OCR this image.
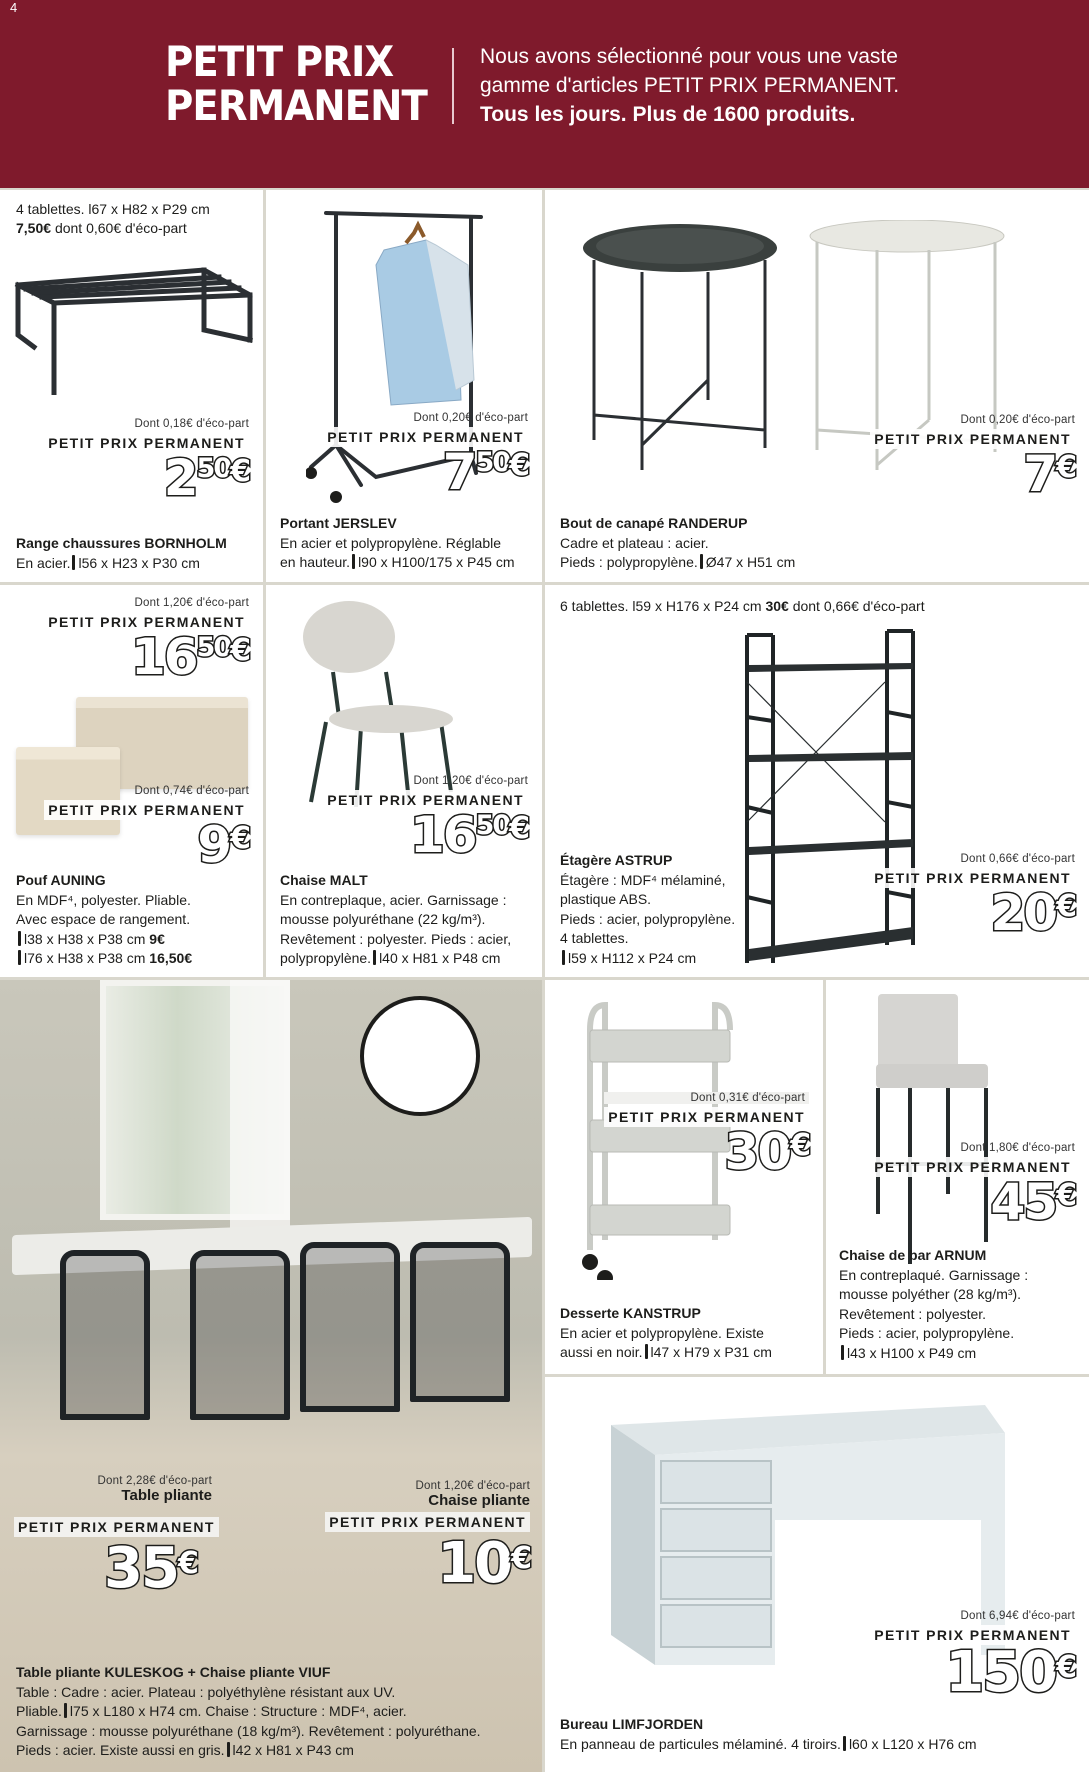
4
PETIT PRIX
PERMANENT
Nous avons sélectionné pour vous une vaste
gamme d'articles PETIT PRIX PERMANENT.
Tous les jours. Plus de 1600 produits.
4 tablettes. l67 x H82 x P29 cm
7,50€ dont 0,60€ d'éco-part
Dont 0,18€ d'éco-part
PETIT PRIX PERMANENT
250€
Range chaussures BORNHOLM
En acier. l56 x H23 x P30 cm
Dont 0,20€ d'éco-part
PETIT PRIX PERMANENT
750€
Portant JERSLEV
En acier et polypropylène. Réglable
en hauteur. l90 x H100/175 x P45 cm
Dont 0,20€ d'éco-part
PETIT PRIX PERMANENT
7€
Bout de canapé RANDERUP
Cadre et plateau : acier.
Pieds : polypropylène. Ø47 x H51 cm
Dont 1,20€ d'éco-part
PETIT PRIX PERMANENT
1650€
Dont 0,74€ d'éco-part
PETIT PRIX PERMANENT
9€
Pouf AUNING
En MDF⁴, polyester. Pliable.
Avec espace de rangement.
l38 x H38 x P38 cm 9€
l76 x H38 x P38 cm 16,50€
Dont 1,20€ d'éco-part
PETIT PRIX PERMANENT
1650€
Chaise MALT
En contreplaque, acier. Garnissage :
mousse polyuréthane (22 kg/m³).
Revêtement : polyester. Pieds : acier,
polypropylène. l40 x H81 x P48 cm
6 tablettes. l59 x H176 x P24 cm 30€ dont 0,66€ d'éco-part
Étagère ASTRUP
Étagère : MDF⁴ mélaminé,
plastique ABS.
Pieds : acier, polypropylène.
4 tablettes.
l59 x H112 x P24 cm
Dont 0,66€ d'éco-part
PETIT PRIX PERMANENT
20€
Dont 2,28€ d'éco-part
Table pliante
PETIT PRIX PERMANENT
35€
Dont 1,20€ d'éco-part
Chaise pliante
PETIT PRIX PERMANENT
10€
Table pliante KULESKOG + Chaise pliante VIUF
Table : Cadre : acier. Plateau : polyéthylène résistant aux UV.
Pliable. l75 x L180 x H74 cm. Chaise : Structure : MDF⁴, acier.
Garnissage : mousse polyuréthane (18 kg/m³). Revêtement : polyuréthane.
Pieds : acier. Existe aussi en gris. l42 x H81 x P43 cm
Dont 0,31€ d'éco-part
PETIT PRIX PERMANENT
30€
Desserte KANSTRUP
En acier et polypropylène. Existe
aussi en noir. l47 x H79 x P31 cm
Dont 1,80€ d'éco-part
PETIT PRIX PERMANENT
45€
Chaise de bar ARNUM
En contreplaqué. Garnissage :
mousse polyéther (28 kg/m³).
Revêtement : polyester.
Pieds : acier, polypropylène.
l43 x H100 x P49 cm
Dont 6,94€ d'éco-part
PETIT PRIX PERMANENT
150€
Bureau LIMFJORDEN
En panneau de particules mélaminé. 4 tiroirs. l60 x L120 x H76 cm
